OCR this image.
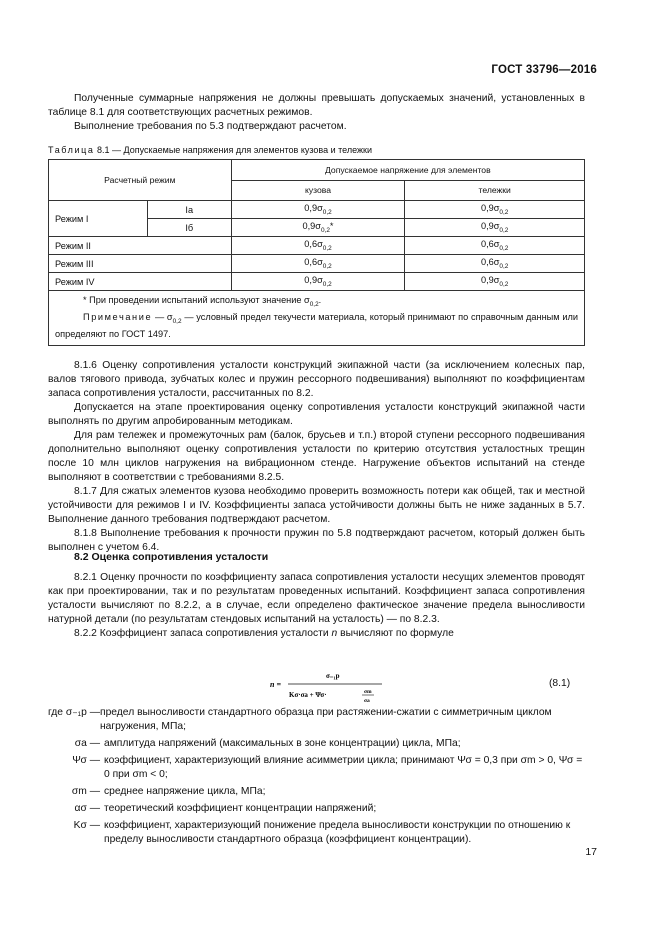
ГОСТ 33796—2016

Полученные суммарные напряжения не должны превышать допускаемых значений, установленных в таблице 8.1 для соответствующих расчетных режимов.

Выполнение требования по 5.3 подтверждают расчетом.

Таблица 8.1 — Допускаемые напряжения для элементов кузова и тележки
Расчетный режим		Допускаемое напряжение для элементов	
		кузова	тележки
Режим I	Iа	$0,9\sigma_{0,2}$	$0,9\sigma_{0,2}$
	Iб	$0,9\sigma_{0,2}*$	$0,9\sigma_{0,2}$
Режим II		$0,6\sigma_{0,2}$	$0,6\sigma_{0,2}$
Режим III		$0,6\sigma_{0,2}$	$0,6\sigma_{0,2}$
Режим IV		$0,9\sigma_{0,2}$	$0,9\sigma_{0,2}$

* При проведении испытаний используют значение $\sigma_{0,2}$.

Примечание — $\sigma_{0,2}$ — условный предел текучести материала, который принимают по справочным данным или определяют по ГОСТ 1497.			

8.1.6 Оценку сопротивления усталости конструкций экипажной части (за исключением колесных пар, валов тягового привода, зубчатых колес и пружин рессорного подвешивания) выполняют по коэффициентам запаса сопротивления усталости, рассчитанных по 8.2.

Допускается на этапе проектирования оценку сопротивления усталости конструкций экипажной части выполнять по другим апробированным методикам.

Для рам тележек и промежуточных рам (балок, брусьев и т.п.) второй ступени рессорного подвешивания дополнительно выполняют оценку сопротивления усталости по критерию отсутствия усталостных трещин после 10 млн циклов нагружения на вибрационном стенде. Нагружение объектов испытаний на стенде выполняют в соответствии с требованиями 8.2.5.

8.1.7 Для сжатых элементов кузова необходимо проверить возможность потери как общей, так и местной устойчивости для режимов I и IV. Коэффициенты запаса устойчивости должны быть не ниже заданных в 5.7. Выполнение данного требования подтверждают расчетом.

8.1.8 Выполнение требования к прочности пружин по 5.8 подтверждают расчетом, который должен быть выполнен с учетом 6.4.

8.2 Оценка сопротивления усталости

8.2.1 Оценку прочности по коэффициенту запаса сопротивления усталости несущих элементов проводят как при проектировании, так и по результатам проведенных испытаний. Коэффициент запаса сопротивления усталости вычисляют по 8.2.2, а в случае, если определено фактическое значение предела выносливости натурной детали (по результатам стендовых испытаний на усталость) — по 8.2.3.

8.2.2 Коэффициент запаса сопротивления усталости n вычисляют по формуле

n =
σ₋₁р
Kσ·σa + Ψσ·	σm
σa
(8.1)
где σ₋₁р — предел выносливости стандартного образца при растяжении-сжатии с симметричным циклом нагружения, МПа;
σa — амплитуда напряжений (максимальных в зоне концентрации) цикла, МПа;
Ψσ — коэффициент, характеризующий влияние асимметрии цикла; принимают Ψσ = 0,3 при σm > 0, Ψσ = 0 при σm < 0;
σm — среднее напряжение цикла, МПа;
ασ — теоретический коэффициент концентрации напряжений;
Kσ — коэффициент, характеризующий понижение предела выносливости конструкции по отношению к пределу выносливости стандартного образца (коэффициент концентрации).
17
